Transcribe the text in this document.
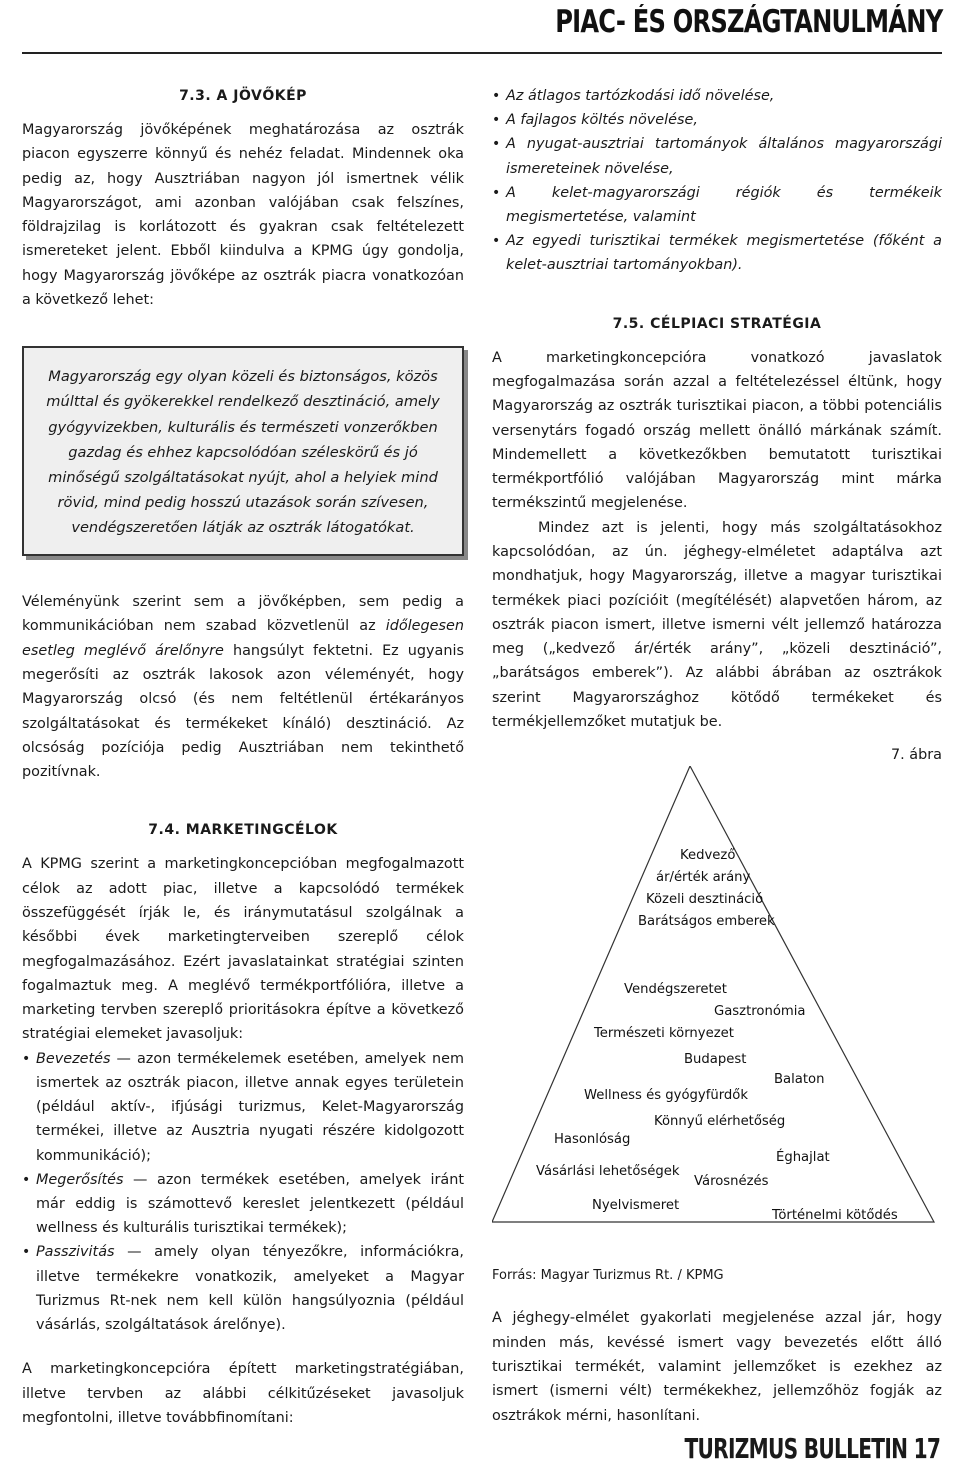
PIAC- ÉS ORSZÁGTANULMÁNY
7.3. A JÖVŐKÉP

Magyarország jövőképének meghatározása az osztrák piacon egyszerre könnyű és nehéz feladat. Mindennek oka pedig az, hogy Ausztriában nagyon jól ismertnek vélik Magyarországot, ami azonban valójában csak felszínes, földrajzilag is korlátozott és gyakran csak feltételezett ismereteket jelent. Ebből kiindulva a KPMG úgy gondolja, hogy Magyarország jövőképe az osztrák piacra vonatkozóan a következő lehet:

Magyarország egy olyan közeli és biztonságos, közös múlttal és gyökerekkel rendelkező desztináció, amely gyógyvizekben, kulturális és természeti vonzerőkben gazdag és ehhez kapcsolódóan széleskörű és jó minőségű szolgáltatásokat nyújt, ahol a helyiek mind rövid, mind pedig hosszú utazások során szívesen, vendégszeretően látják az osztrák látogatókat.

Véleményünk szerint sem a jövőképben, sem pedig a kommunikációban nem szabad közvetlenül az időlegesen esetleg meglévő árelőnyre hangsúlyt fektetni. Ez ugyanis megerősíti az osztrák lakosok azon véleményét, hogy Magyarország olcsó (és nem feltétlenül értékarányos szolgáltatásokat és termékeket kínáló) desztináció. Az olcsóság pozíciója pedig Ausztriában nem tekinthető pozitívnak.

7.4. MARKETINGCÉLOK

A KPMG szerint a marketingkoncepcióban megfogalmazott célok az adott piac, illetve a kapcsolódó termékek összefüggését írják le, és iránymutatásul szolgálnak a későbbi évek marketingterveiben szereplő célok megfogalmazásához. Ezért javaslatainkat stratégiai szinten fogalmaztuk meg. A meglévő termékportfólióra, illetve a marketing tervben szereplő prioritásokra építve a következő stratégiai elemeket javasoljuk:

• Bevezetés — azon termékelemek esetében, amelyek nem ismertek az osztrák piacon, illetve annak egyes területein (például aktív-, ifjúsági turizmus, Kelet-Magyarország termékei, illetve az Ausztria nyugati részére kidolgozott kommunikáció);
• Megerősítés — azon termékek esetében, amelyek iránt már eddig is számottevő kereslet jelentkezett (például wellness és kulturális turisztikai termékek);
• Passzivitás — amely olyan tényezőkre, információkra, illetve termékekre vonatkozik, amelyeket a Magyar Turizmus Rt-nek nem kell külön hangsúlyoznia (például vásárlás, szolgáltatások árelőnye).

A marketingkoncepcióra épített marketingstratégiában, illetve tervben az alábbi célkitűzéseket javasoljuk megfontolni, illetve továbbfinomítani:

• Az átlagos tartózkodási idő növelése,
• A fajlagos költés növelése,
• A nyugat-ausztriai tartományok általános magyarországi ismereteinek növelése,
• A kelet-magyarországi régiók és termékeik megismertetése, valamint
• Az egyedi turisztikai termékek megismertetése (főként a kelet-ausztriai tartományokban).
7.5. CÉLPIACI STRATÉGIA

A marketingkoncepcióra vonatkozó javaslatok megfogalmazása során azzal a feltételezéssel éltünk, hogy Magyarország az osztrák turisztikai piacon, a többi potenciális versenytárs fogadó ország mellett önálló márkának számít. Mindemellett a következőkben bemutatott turisztikai termékportfólió valójában Magyarország mint márka termékszintű megjelenése.

Mindez azt is jelenti, hogy más szolgáltatásokhoz kapcsolódóan, az ún. jéghegy-elméletet adaptálva azt mondhatjuk, hogy Magyarország, illetve a magyar turisztikai termékek piaci pozícióit (megítélését) alapvetően három, az osztrák piacon ismert, illetve ismerni vélt jellemző határozza meg („kedvező ár/érték arány”, „közeli desztináció”, „barátságos emberek”). Az alábbi ábrában az osztrákok szerint Magyarországhoz kötődő termékeket és termékjellemzőket mutatjuk be.

7. ábra

Kedvező
ár/érték arány
Közeli desztináció
Barátságos emberek
Vendégszeretet
Gasztronómia
Természeti környezet
Budapest
Balaton
Wellness és gyógyfürdők
Könnyű elérhetőség
Hasonlóság
Éghajlat
Vásárlási lehetőségek
Városnézés
Nyelvismeret
Történelmi kötődés

Forrás: Magyar Turizmus Rt. / KPMG

A jéghegy-elmélet gyakorlati megjelenése azzal jár, hogy minden más, kevéssé ismert vagy bevezetés előtt álló turisztikai termékét, valamint jellemzőket is ezekhez az ismert (ismerni vélt) termékekhez, jellemzőhöz fogják az osztrákok mérni, hasonlítani.

TURIZMUS BULLETIN 17
